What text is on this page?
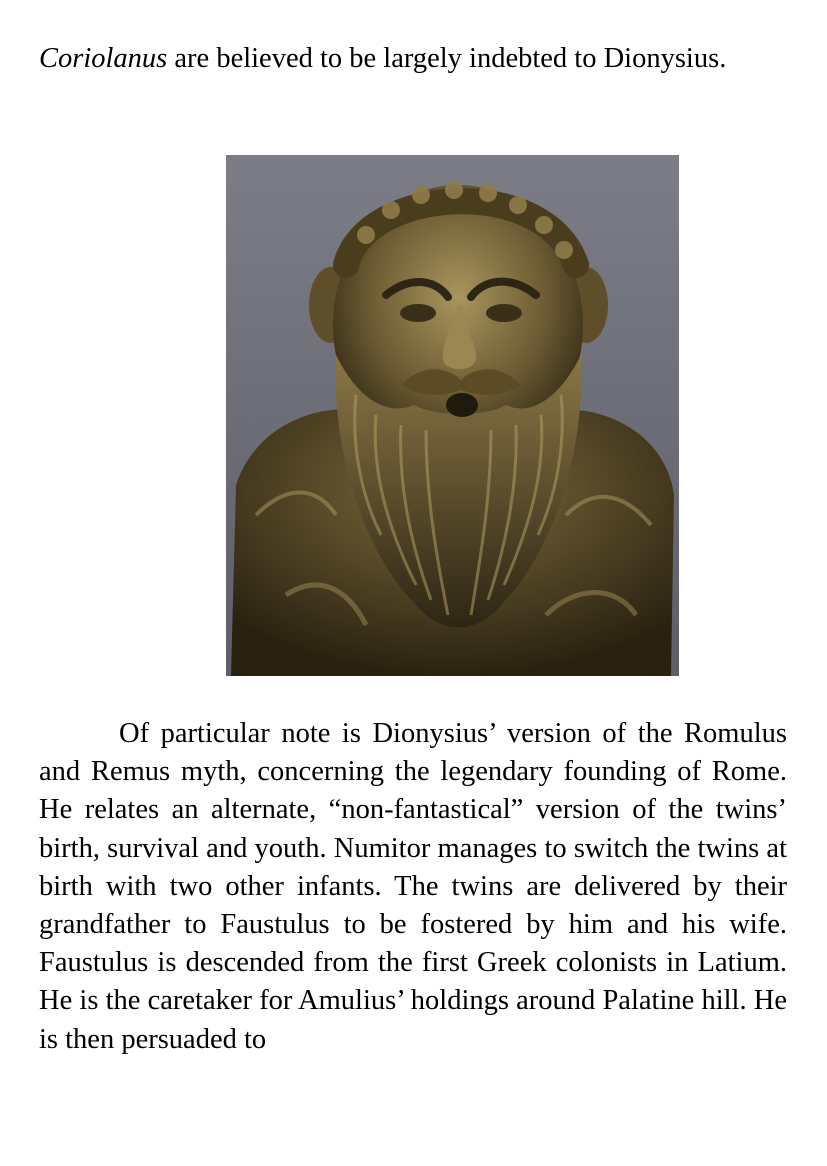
Coriolanus are believed to be largely indebted to Dionysius.

Of particular note is Dionysius’ version of the Romulus and Remus myth, concerning the legendary founding of Rome. He relates an alternate, “non-fantastical” version of the twins’ birth, survival and youth. Numitor manages to switch the twins at birth with two other infants. The twins are delivered by their grandfather to Faustulus to be fostered by him and his wife. Faustulus is descended from the first Greek colonists in Latium. He is the caretaker for Amulius’ holdings around Palatine hill. He is then persuaded to
